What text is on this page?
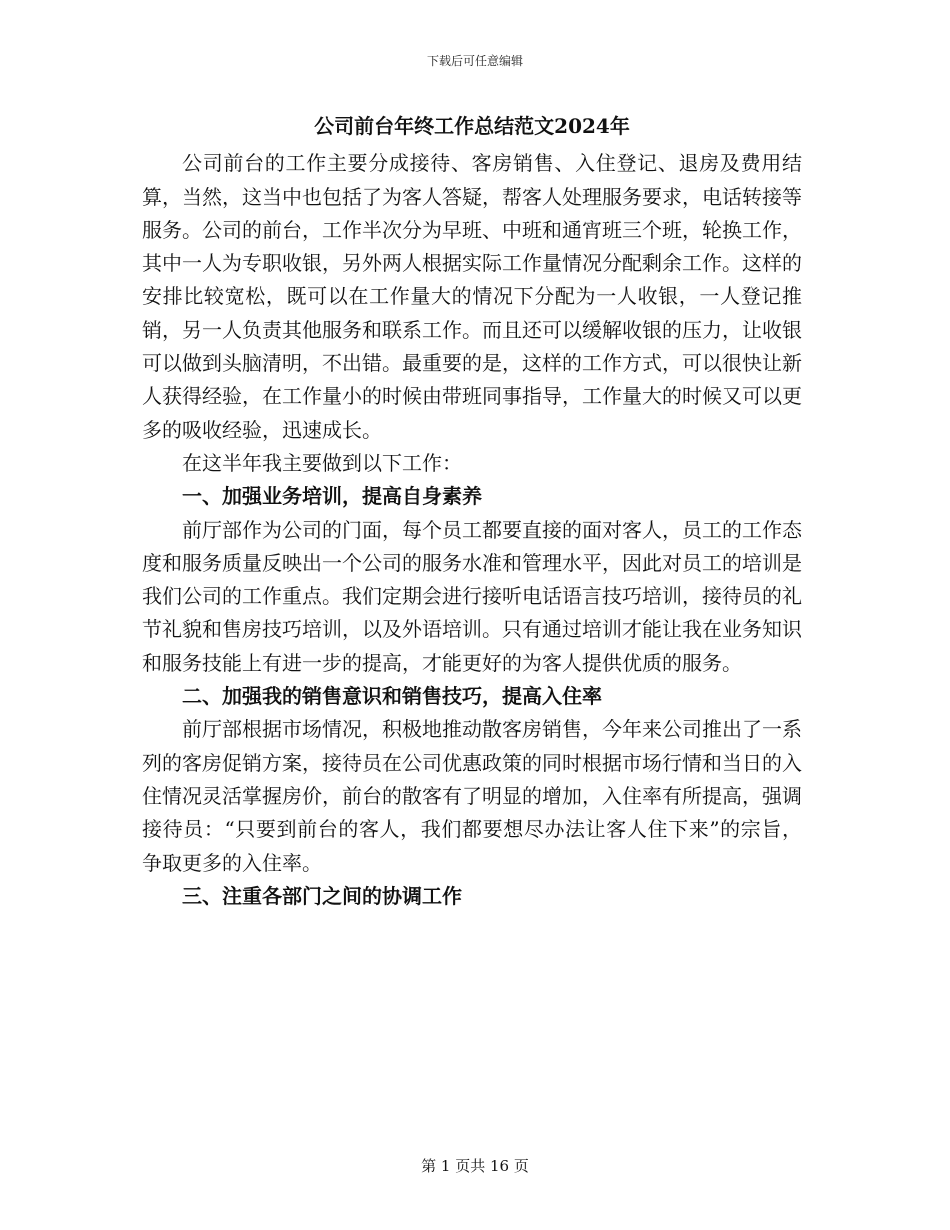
下载后可任意编辑
公司前台年终工作总结范文2024年

公司前台的工作主要分成接待、客房销售、入住登记、退房及费用结算，当然，这当中也包括了为客人答疑，帮客人处理服务要求，电话转接等服务。公司的前台，工作半次分为早班、中班和通宵班三个班，轮换工作，其中一人为专职收银，另外两人根据实际工作量情况分配剩余工作。这样的安排比较宽松，既可以在工作量大的情况下分配为一人收银，一人登记推销，另一人负责其他服务和联系工作。而且还可以缓解收银的压力，让收银可以做到头脑清明，不出错。最重要的是，这样的工作方式，可以很快让新人获得经验，在工作量小的时候由带班同事指导，工作量大的时候又可以更多的吸收经验，迅速成长。

在这半年我主要做到以下工作：

一、加强业务培训，提高自身素养

前厅部作为公司的门面，每个员工都要直接的面对客人，员工的工作态度和服务质量反映出一个公司的服务水准和管理水平，因此对员工的培训是我们公司的工作重点。我们定期会进行接听电话语言技巧培训，接待员的礼节礼貌和售房技巧培训，以及外语培训。只有通过培训才能让我在业务知识和服务技能上有进一步的提高，才能更好的为客人提供优质的服务。

二、加强我的销售意识和销售技巧，提高入住率

前厅部根据市场情况，积极地推动散客房销售，今年来公司推出了一系列的客房促销方案，接待员在公司优惠政策的同时根据市场行情和当日的入住情况灵活掌握房价，前台的散客有了明显的增加，入住率有所提高，强调接待员：“只要到前台的客人，我们都要想尽办法让客人住下来”的宗旨，争取更多的入住率。

三、注重各部门之间的协调工作

第 1 页共 16 页
